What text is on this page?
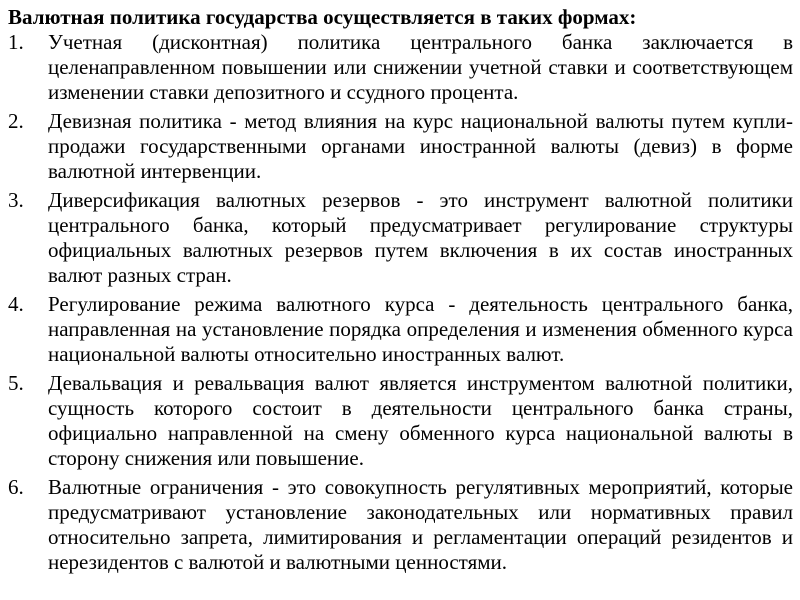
Валютная политика государства осуществляется в таких формах:

1.	Учетная (дисконтная) политика центрального банка заключается в целенаправленном повышении или снижении учетной ставки и соответствующем изменении ставки депозитного и ссудного процента.
2.	Девизная политика - метод влияния на курс национальной валюты путем купли-продажи государственными органами иностранной валюты (девиз) в форме валютной интервенции.
3.	Диверсификация валютных резервов - это инструмент валютной политики центрального банка, который предусматривает регулирование структуры официальных валютных резервов путем включения в их состав иностранных валют разных стран.
4.	Регулирование режима валютного курса - деятельность центрального банка, направленная на установление порядка определения и изменения обменного курса национальной валюты относительно иностранных валют.
5.	Девальвация и ревальвация валют является инструментом валютной политики, сущность которого состоит в деятельности центрального банка страны, официально направленной на смену обменного курса национальной валюты в сторону снижения или повышение.
6.	Валютные ограничения - это совокупность регулятивных мероприятий, которые предусматривают установление законодательных или нормативных правил относительно запрета, лимитирования и регламентации операций резидентов и нерезидентов с валютой и валютными ценностями.
